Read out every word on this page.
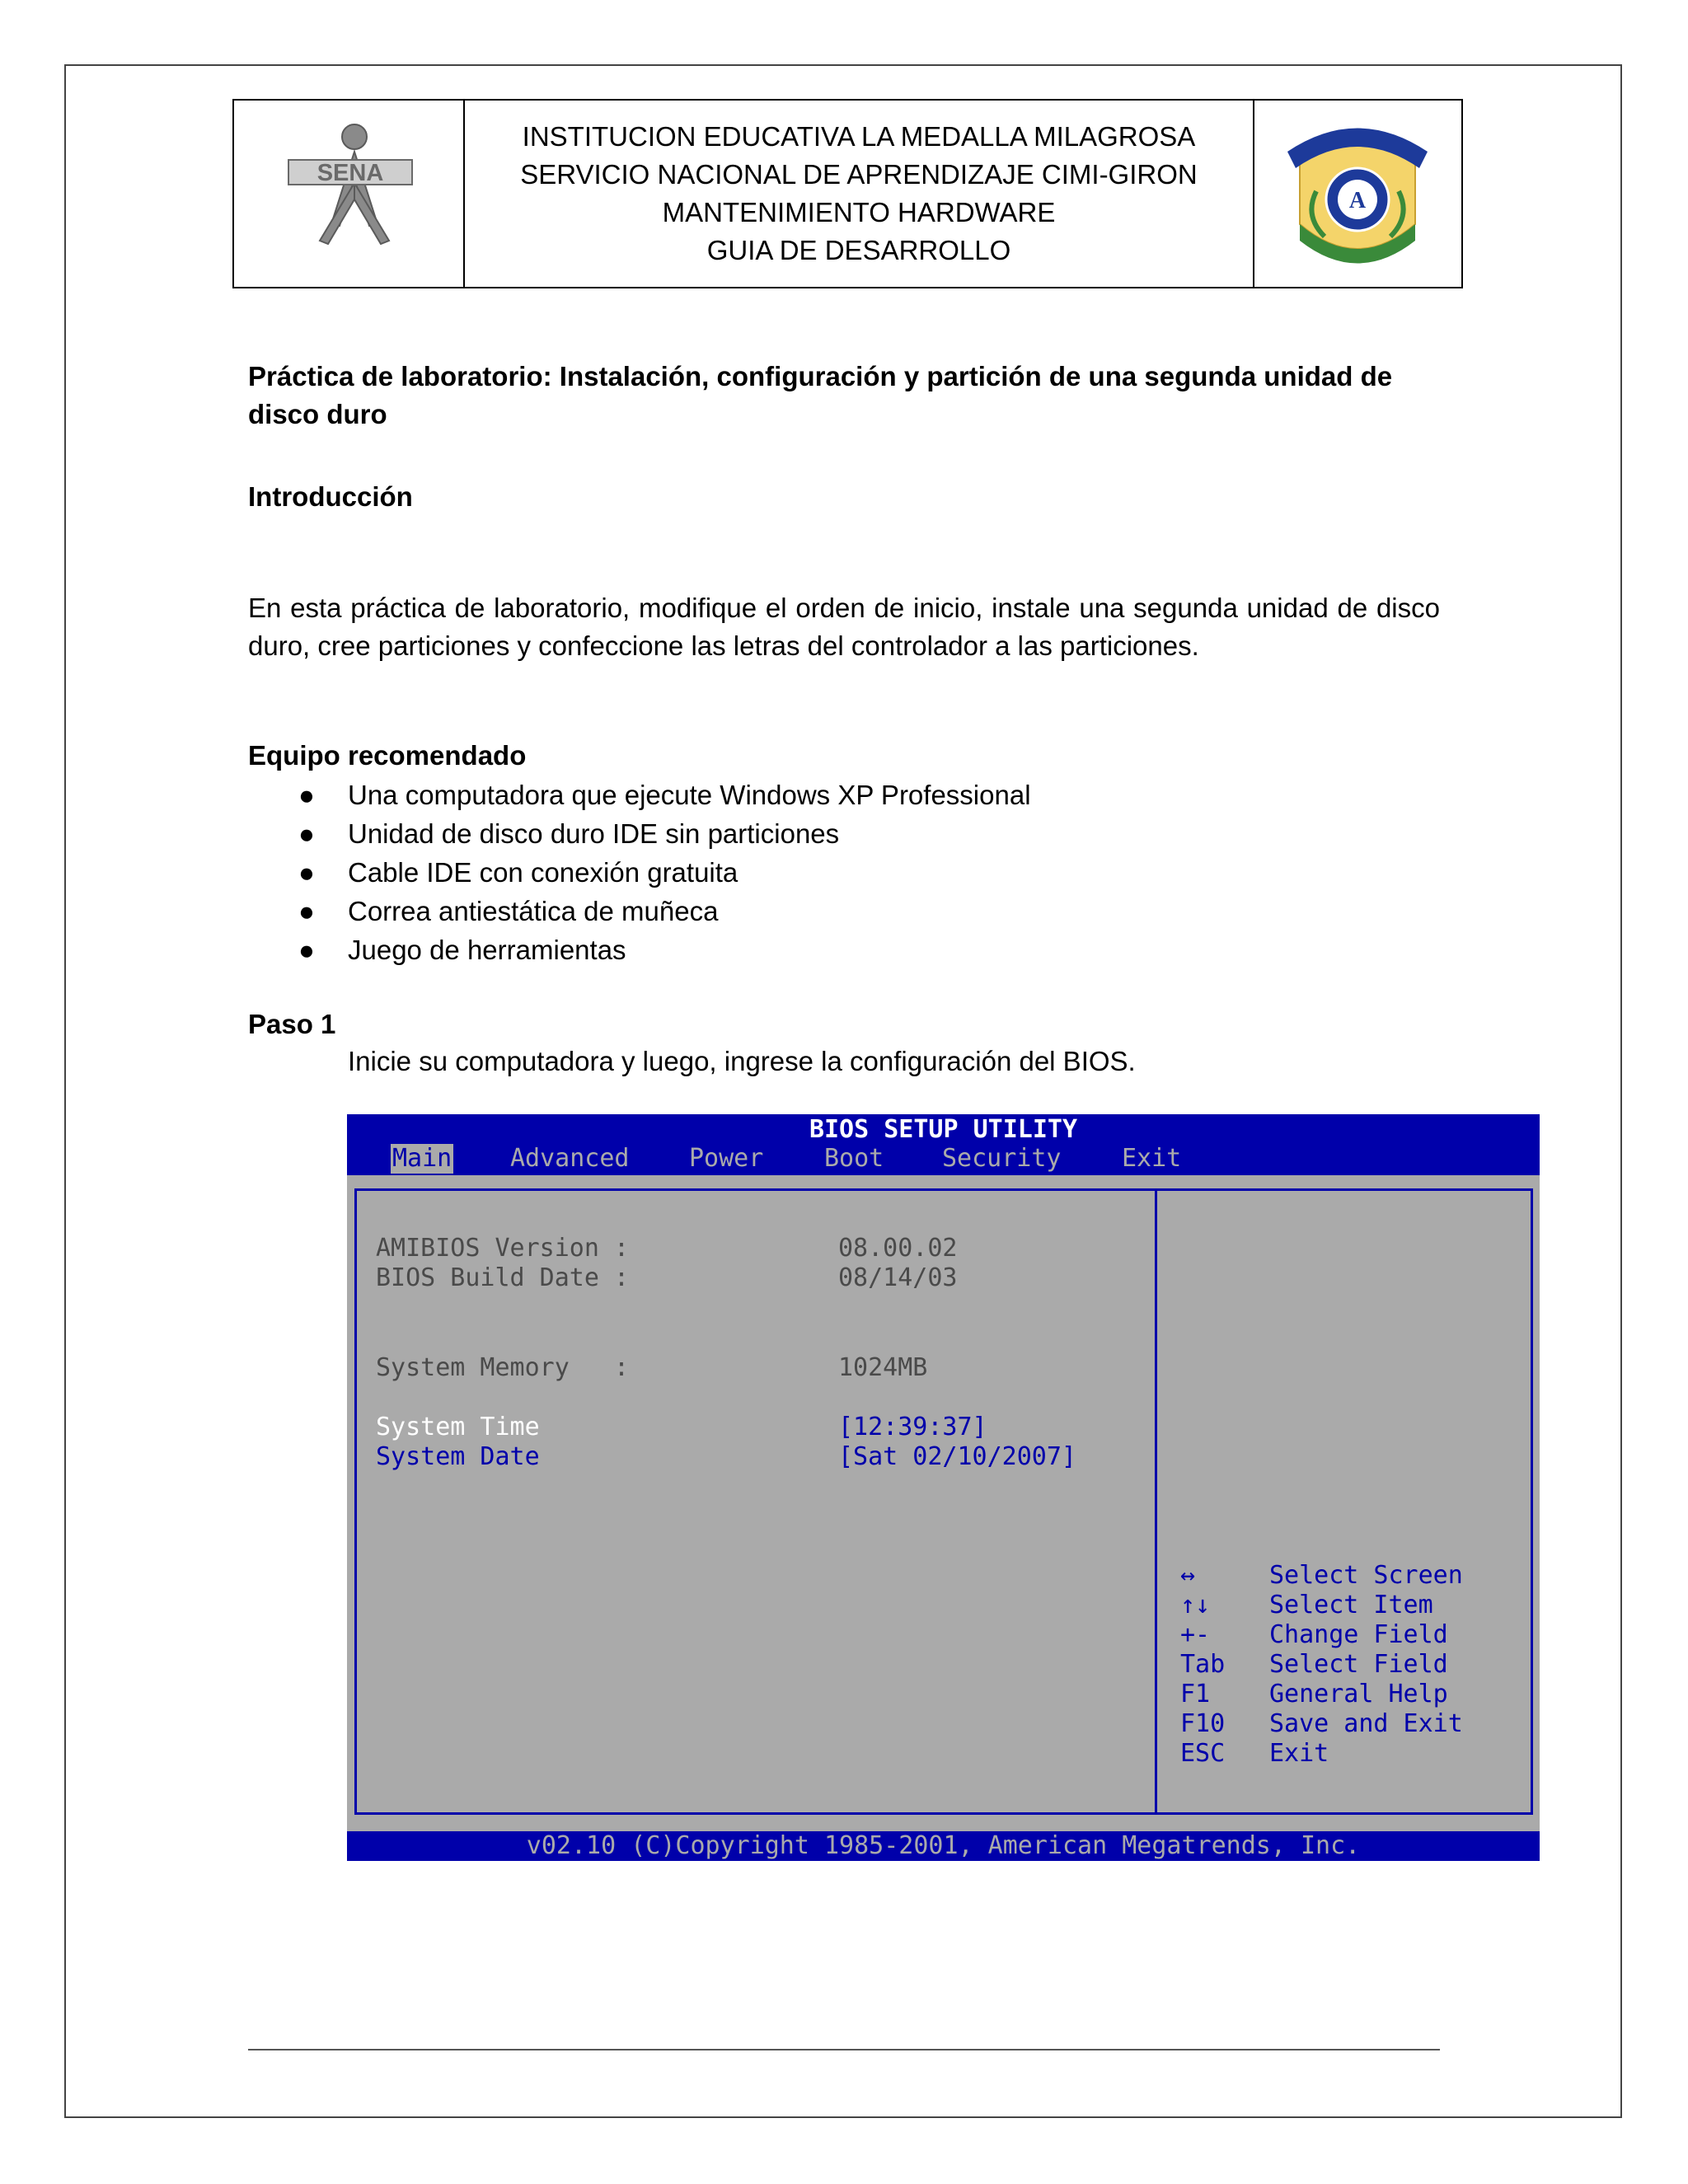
SENA
INSTITUCION EDUCATIVA LA MEDALLA MILAGROSA
SERVICIO NACIONAL DE APRENDIZAJE CIMI-GIRON
MANTENIMIENTO HARDWARE
GUIA DE DESARROLLO
A
Práctica de laboratorio: Instalación, configuración y partición de una segunda unidad de disco duro
Introducción
En esta práctica de laboratorio, modifique el orden de inicio, instale una segunda unidad de disco duro, cree particiones y confeccione las letras del controlador a las particiones.
Equipo recomendado
● Una computadora que ejecute Windows XP Professional
● Unidad de disco duro IDE sin particiones
● Cable IDE con conexión gratuita
● Correa antiestática de muñeca
● Juego de herramientas
Paso 1
Inicie su computadora y luego, ingrese la configuración del BIOS.
BIOS SETUP UTILITY
Main Advanced Power Boot Security Exit
AMIBIOS Version :	08.00.02
BIOS Build Date :	08/14/03
System Memory   :	1024MB
System Time	[12:39:37]
System Date	[Sat 02/10/2007]
↔	Select Screen
↑↓ Select Item
+- Change Field
Tab Select Field
F1 General Help
F10 Save and Exit
ESC Exit
v02.10 (C)Copyright 1985-2001, American Megatrends, Inc.
